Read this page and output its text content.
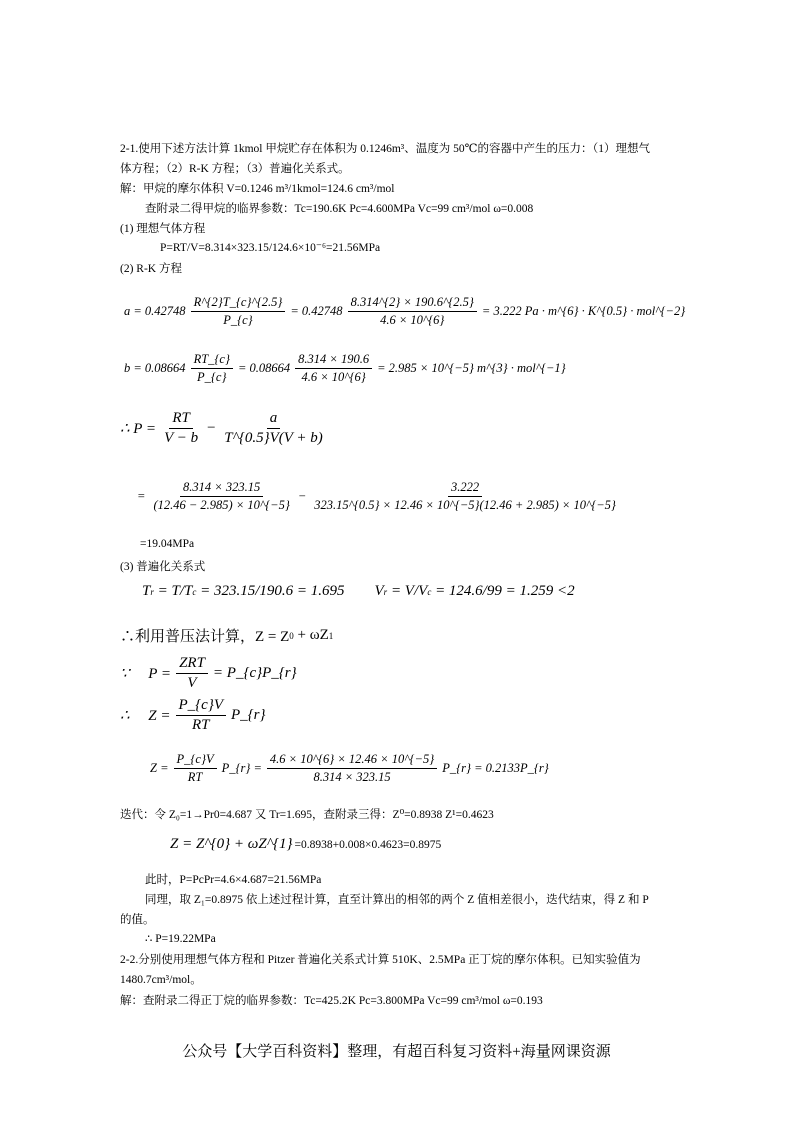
2-1.使用下述方法计算 1kmol 甲烷贮存在体积为 0.1246m³、温度为 50℃的容器中产生的压力：（1）理想气
体方程；（2）R-K 方程；（3）普遍化关系式。
解：甲烷的摩尔体积 V=0.1246 m³/1kmol=124.6 cm³/mol
查附录二得甲烷的临界参数：Tc=190.6K Pc=4.600MPa Vc=99 cm³/mol ω=0.008
(1) 理想气体方程
P=RT/V=8.314×323.15/124.6×10⁻⁶=21.56MPa
(2) R-K 方程
$a = 0.42748 \frac{R\^{}\{2\}T\_\{c\}\^{}\{2.5\}}{P\_\{c\}} = 0.42748 \frac{8.314\^{}\{2\} \times 190.6\^{}\{2.5\}}{4.6 \times 10\^{}\{6\}} = 3.222$ Pa · m^{6} · K^{0.5} · mol^{−2}
$b = 0.08664 \frac{RT\_\{c\}}{P\_\{c\}} = 0.08664 \frac{8.314 \times 190.6}{4.6 \times 10\^{}\{6\}} = 2.985$ × 10^{−5} m^{3} · mol^{−1}
∴ $P = \frac{RT}{V - b} - \frac{a}{T\^{}\{0.5\}V(V + b)}$
= $\frac{8.314 \times 323.15}{(12.46 - 2.985) \times 10\^{}\{-5\}} - \frac{3.222}{323.15\^{}\{0.5\} \times 12.46 \times 10\^{}\{-5\}(12.46 + 2.985) \times 10\^{}\{-5\}}$
=19.04MPa
(3) 普遍化关系式
T r = T/T c = 323.15/190.6 = 1.695        V r = V/V c = 124.6/99 = 1.259 <2
∴利用普压法计算，Z = Z 0 + ωZ 1
∵     $P = \frac{\text{ZRT}}{V}$ = P_{c}P_{r}
∴     $Z = \frac{P\_\{c\}V}{RT}$ P_{r}
$Z = \frac{P\_\{c\}V}{RT}$ P_{r} = $\frac{4.6 \times 10\^{}\{6\} \times 12.46 \times 10\^{}\{-5\}}{8.314 \times 323.15}$ P_{r} = 0.2133P_{r}
迭代：令 Z₀=1→Pr0=4.687 又 Tr=1.695，查附录三得：Z⁰=0.8938 Z¹=0.4623
Z = Z^{0} + ωZ^{1} =0.8938+0.008×0.4623=0.8975
此时，P=PcPr=4.6×4.687=21.56MPa
同理，取 Z₁=0.8975 依上述过程计算，直至计算出的相邻的两个 Z 值相差很小，迭代结束，得 Z 和 P
的值。
∴ P=19.22MPa
2-2.分别使用理想气体方程和 Pitzer 普遍化关系式计算 510K、2.5MPa 正丁烷的摩尔体积。已知实验值为
1480.7cm³/mol。
解：查附录二得正丁烷的临界参数：Tc=425.2K Pc=3.800MPa Vc=99 cm³/mol ω=0.193
公众号【大学百科资料】整理，有超百科复习资料+海量网课资源
